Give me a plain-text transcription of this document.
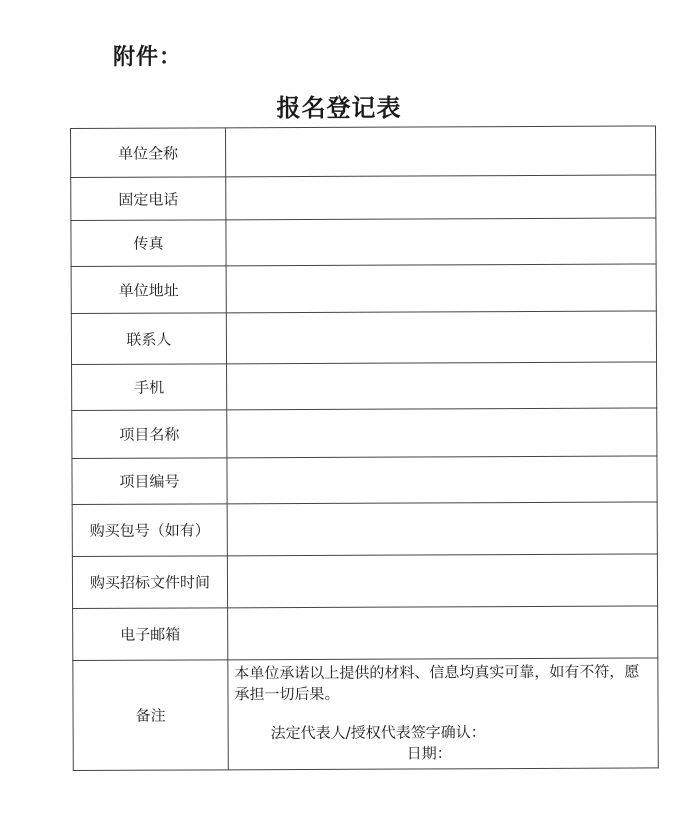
附件：
报名登记表
单位全称	
固定电话	
传真	
单位地址	
联系人	
手机	
项目名称	
项目编号	
购买包号（如有）	
购买招标文件时间	
电子邮箱	
备注	本单位承诺以上提供的材料、信息均真实可靠，如有不符，愿承担一切后果。

法定代表人/授权代表签字确认：

日期：
